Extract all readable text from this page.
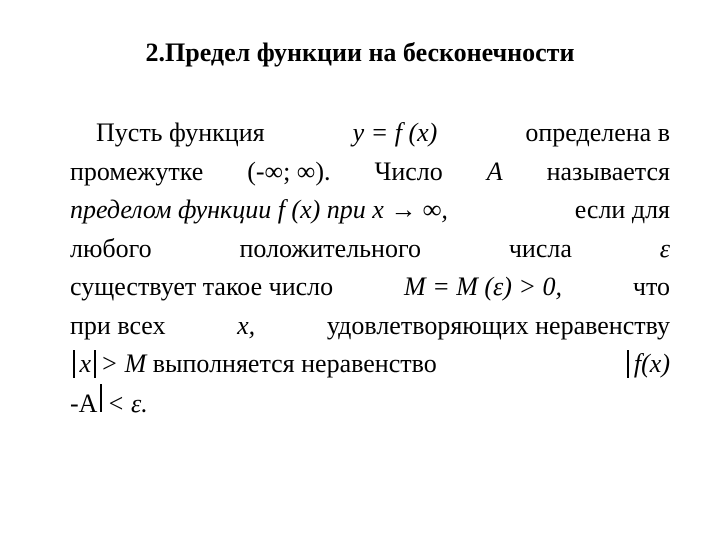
2.Предел функции на бесконечности
Пусть функция	y = f (x)	определена в
промежутке (-∞; ∞). Число A называется
пределом функции f (x) при x → ∞,	если для
любого	положительного	числа	ε
существует такое число	M = M (ε) > 0,	что
при всех	x,	удовлетворяющих неравенству
x > M выполняется неравенство	f(x)
-A < ε.
